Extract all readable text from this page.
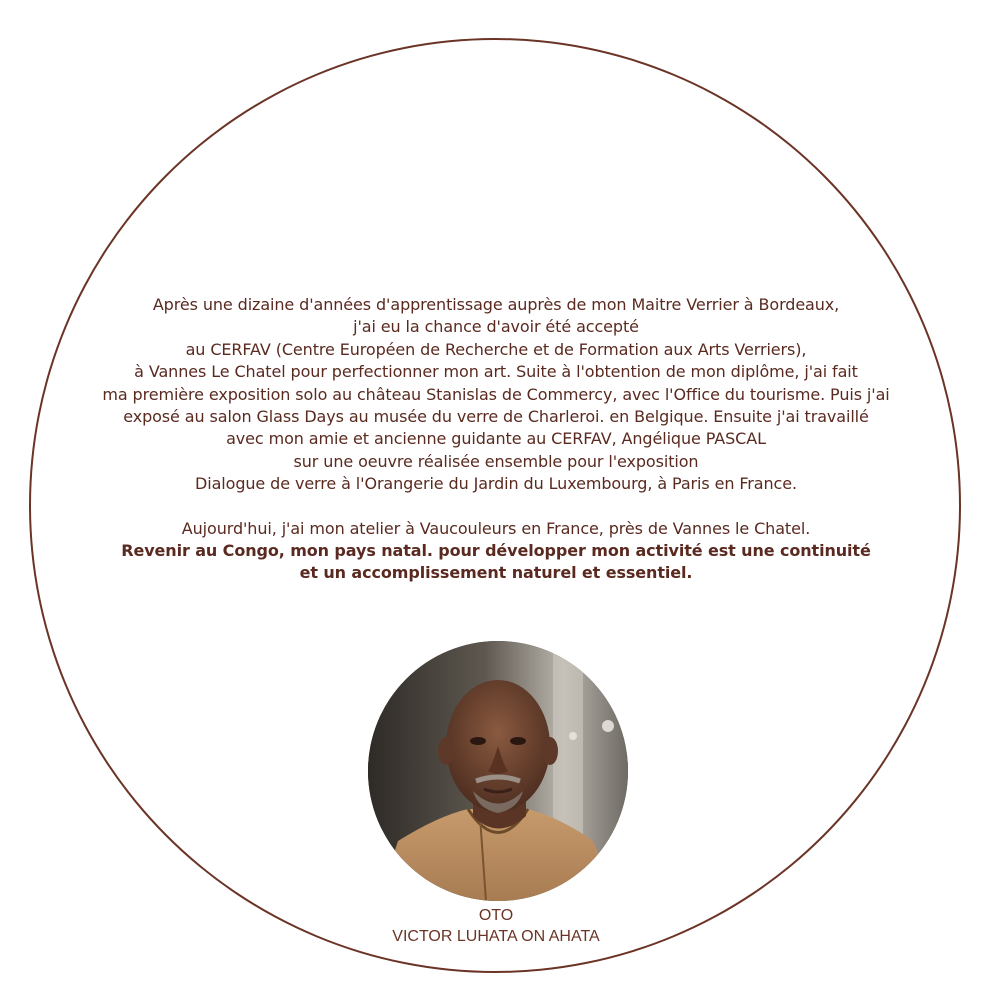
Après une dizaine d'années d'apprentissage auprès de mon Maitre Verrier à Bordeaux,
j'ai eu la chance d'avoir été accepté
au CERFAV (Centre Européen de Recherche et de Formation aux Arts Verriers),
à Vannes Le Chatel pour perfectionner mon art. Suite à l'obtention de mon diplôme, j'ai fait
ma première exposition solo au château Stanislas de Commercy, avec l'Office du tourisme. Puis j'ai
exposé au salon Glass Days au musée du verre de Charleroi. en Belgique. Ensuite j'ai travaillé
avec mon amie et ancienne guidante au CERFAV, Angélique PASCAL
sur une oeuvre réalisée ensemble pour l'exposition
Dialogue de verre à l'Orangerie du Jardin du Luxembourg, à Paris en France.
Aujourd'hui, j'ai mon atelier à Vaucouleurs en France, près de Vannes le Chatel.
Revenir au Congo, mon pays natal. pour développer mon activité est une continuité
et un accomplissement naturel et essentiel.
OTO
VICTOR LUHATA ON AHATA
